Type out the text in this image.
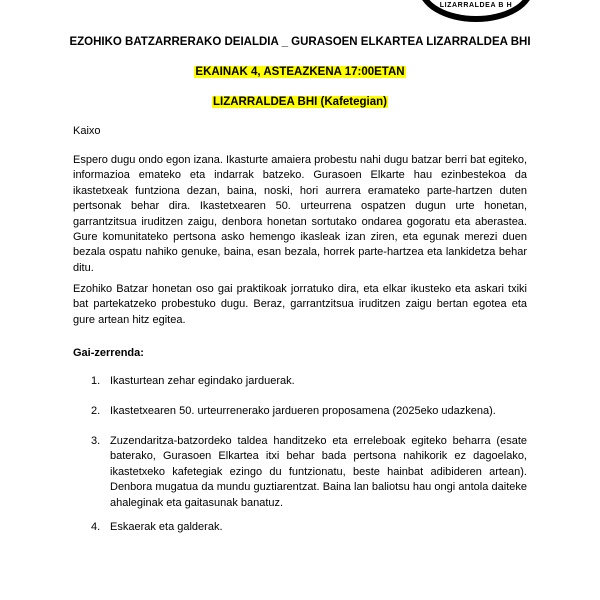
LIZARRALDEA B H
EZOHIKO BATZARRERAKO DEIALDIA _ GURASOEN ELKARTEA LIZARRALDEA BHI
EKAINAK 4, ASTEAZKENA 17:00ETAN
LIZARRALDEA BHI (Kafetegian)
Kaixo
Espero dugu ondo egon izana. Ikasturte amaiera probestu nahi dugu batzar berri bat egiteko, informazioa emateko eta indarrak batzeko. Gurasoen Elkarte hau ezinbestekoa da ikastetxeak funtziona dezan, baina, noski, hori aurrera eramateko parte-hartzen duten pertsonak behar dira. Ikastetxearen 50. urteurrena ospatzen dugun urte honetan, garrantzitsua iruditzen zaigu, denbora honetan sortutako ondarea gogoratu eta aberastea. Gure komunitateko pertsona asko hemengo ikasleak izan ziren, eta egunak merezi duen bezala ospatu nahiko genuke, baina, esan bezala, horrek parte-hartzea eta lankidetza behar ditu.
Ezohiko Batzar honetan oso gai praktikoak jorratuko dira, eta elkar ikusteko eta askari txiki bat partekatzeko probestuko dugu. Beraz, garrantzitsua iruditzen zaigu bertan egotea eta gure artean hitz egitea.
Gai-zerrenda:
1. Ikasturtean zehar egindako jarduerak.
2. Ikastetxearen 50. urteurrenerako jardueren proposamena (2025eko udazkena).
3. Zuzendaritza-batzordeko taldea handitzeko eta erreleboak egiteko beharra (esate baterako, Gurasoen Elkartea itxi behar bada pertsona nahikorik ez dagoelako, ikastetxeko kafetegiak ezingo du funtzionatu, beste hainbat adibideren artean). Denbora mugatua da mundu guztiarentzat. Baina lan baliotsu hau ongi antola daiteke ahaleginak eta gaitasunak banatuz.
4. Eskaerak eta galderak.
